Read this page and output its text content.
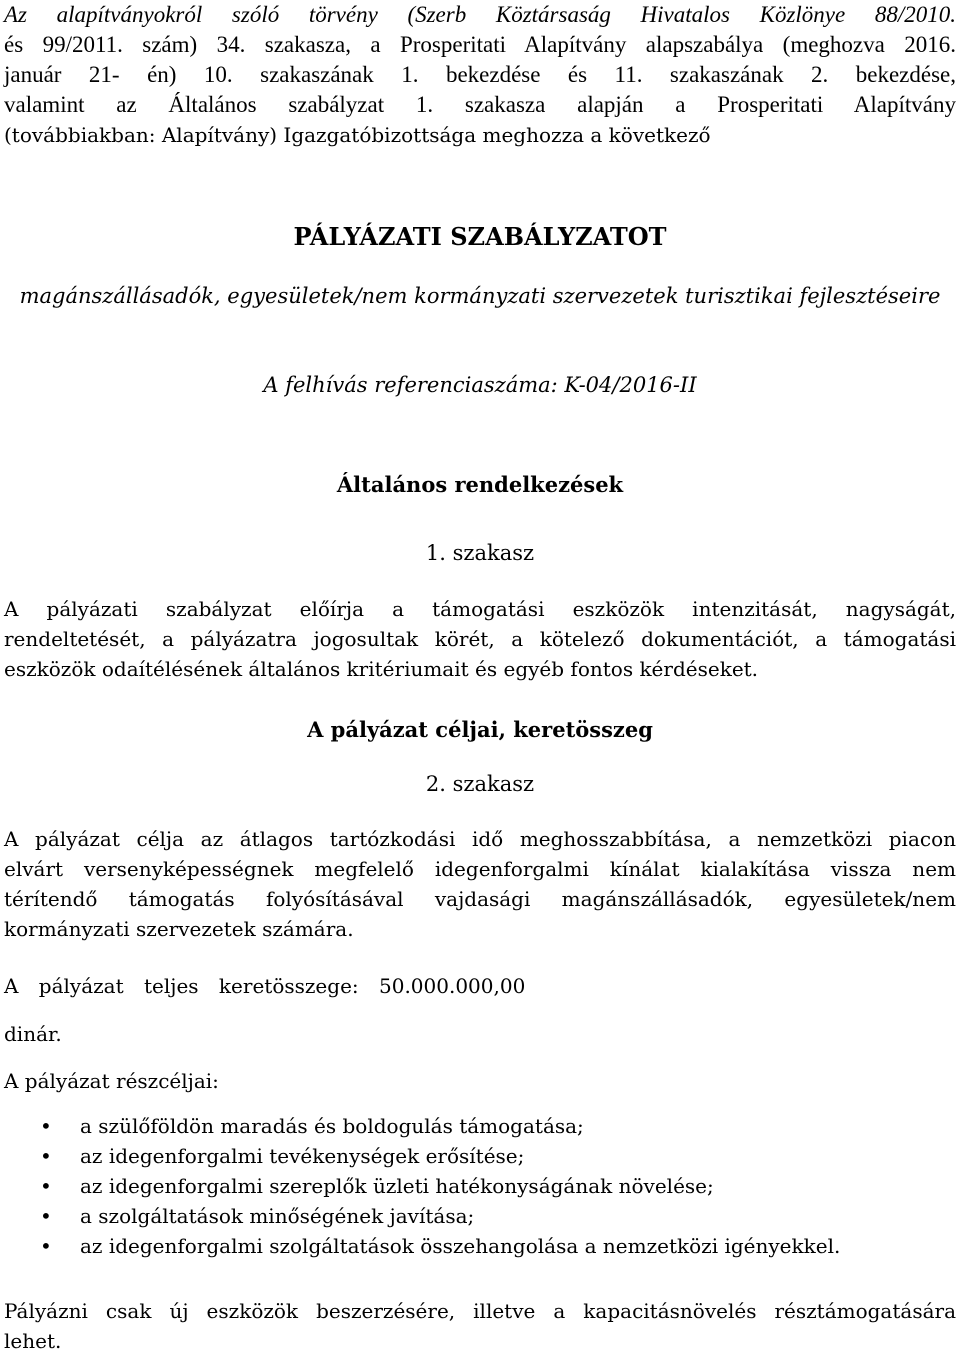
Az alapítványokról szóló törvény (Szerb Köztársaság Hivatalos Közlönye 88/2010.
és 99/2011. szám) 34. szakasza, a Prosperitati Alapítvány alapszabálya (meghozva 2016.
január 21- én) 10. szakaszának 1. bekezdése és 11. szakaszának 2. bekezdése,
valamint az Általános szabályzat 1. szakasza alapján a Prosperitati Alapítvány
(továbbiakban: Alapítvány) Igazgatóbizottsága meghozza a következő
PÁLYÁZATI SZABÁLYZATOT

magánszállásadók, egyesületek/nem kormányzati szervezetek turisztikai fejlesztéseire

A felhívás referenciaszáma: K-04/2016-II

Általános rendelkezések

1. szakasz

A pályázati szabályzat előírja a támogatási eszközök intenzitását, nagyságát,
rendeltetését, a pályázatra jogosultak körét, a kötelező dokumentációt, a támogatási
eszközök odaítélésének általános kritériumait és egyéb fontos kérdéseket.
A pályázat céljai, keretösszeg

2. szakasz

A pályázat célja az átlagos tartózkodási idő meghosszabbítása, a nemzetközi piacon
elvárt versenyképességnek megfelelő idegenforgalmi kínálat kialakítása vissza nem
térítendő támogatás folyósításával vajdasági magánszállásadók, egyesületek/nem
kormányzati szervezetek számára.

A pályázat teljes keretösszege: 50.000.000,00

dinár.

A pályázat részcéljai:

• a szülőföldön maradás és boldogulás támogatása;
• az idegenforgalmi tevékenységek erősítése;
• az idegenforgalmi szereplők üzleti hatékonyságának növelése;
• a szolgáltatások minőségének javítása;
• az idegenforgalmi szolgáltatások összehangolása a nemzetközi igényekkel.
Pályázni csak új eszközök beszerzésére, illetve a kapacitásnövelés résztámogatására
lehet.
